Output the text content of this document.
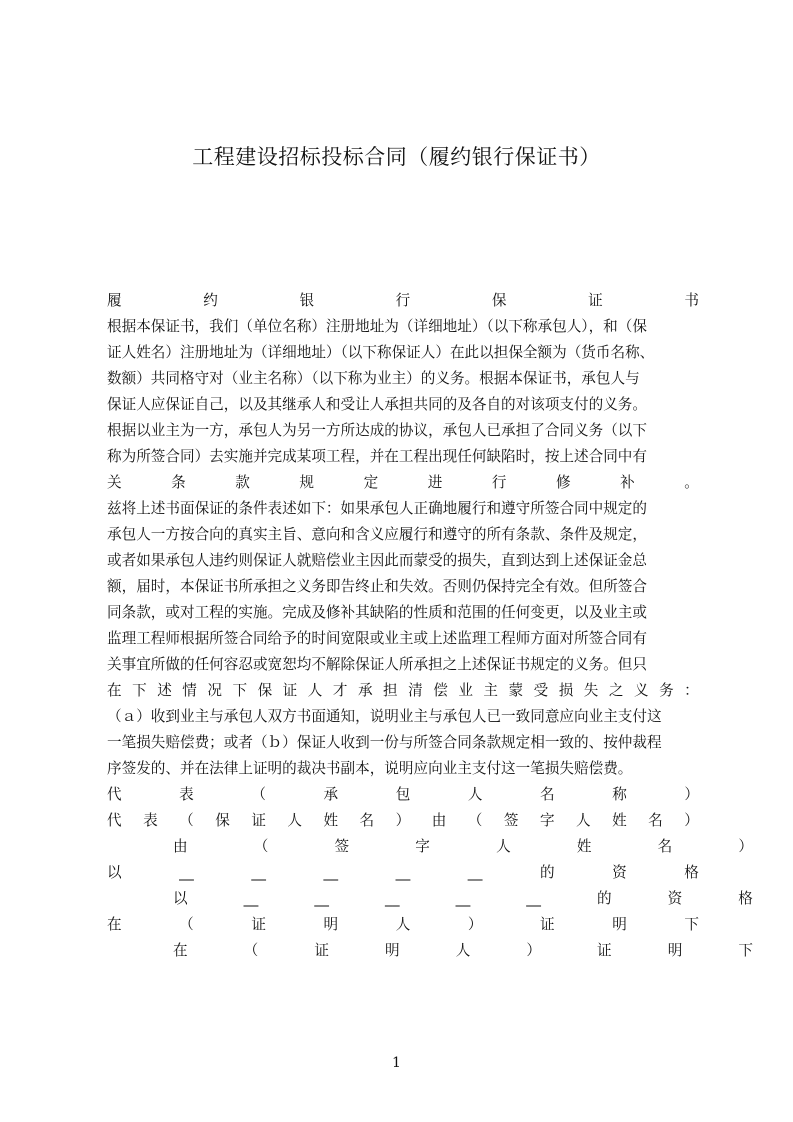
工程建设招标投标合同（履约银行保证书）
履	约	银	行	保	证	书
根据本保证书，我们（单位名称）注册地址为（详细地址）（以下称承包人），和（保
证人姓名）注册地址为（详细地址）（以下称保证人）在此以担保全额为（货币名称、
数额）共同格守对（业主名称）（以下称为业主）的义务。根据本保证书，承包人与
保证人应保证自己，以及其继承人和受让人承担共同的及各自的对该项支付的义务。
根据以业主为一方，承包人为另一方所达成的协议，承包人已承担了合同义务（以下
称为所签合同）去实施并完成某项工程，并在工程出现任何缺陷时，按上述合同中有
关	条	款	规	定	进	行	修	补	。
兹将上述书面保证的条件表述如下：如果承包人正确地履行和遵守所签合同中规定的
承包人一方按合向的真实主旨、意向和含义应履行和遵守的所有条款、条件及规定，
或者如果承包人违约则保证人就赔偿业主因此而蒙受的损失，直到达到上述保证金总
额，届时，本保证书所承担之义务即告终止和失效。否则仍保持完全有效。但所签合
同条款，或对工程的实施。完成及修补其缺陷的性质和范围的任何变更，以及业主或
监理工程师根据所签合同给予的时间宽限或业主或上述监理工程师方面对所签合同有
关事宜所做的任何容忍或宽恕均不解除保证人所承担之上述保证书规定的义务。但只
在 下 述 情 况 下 保 证 人 才 承 担 清 偿 业 主 蒙 受 损 失 之 义 务 ：
（ａ）收到业主与承包人双方书面通知，说明业主与承包人已一致同意应向业主支付这
一笔损失赔偿费；或者（ｂ）保证人收到一份与所签合同条款规定相一致的、按仲裁程
序签发的、并在法律上证明的裁决书副本，说明应向业主支付这一笔损失赔偿费。
代	表	（	承	包	人	名	称	）
代 表 （ 保 证 人 姓 名 ） 由 （ 签 字 人 姓 名 ）
由	（	签	字	人	姓	名	）
以	__	__	__	__	__	的	资	格
以	__	__	__	__	__	的	资	格
在	（	证	明	人	）	证	明	下
在	（	证	明	人	）	证	明	下
1
